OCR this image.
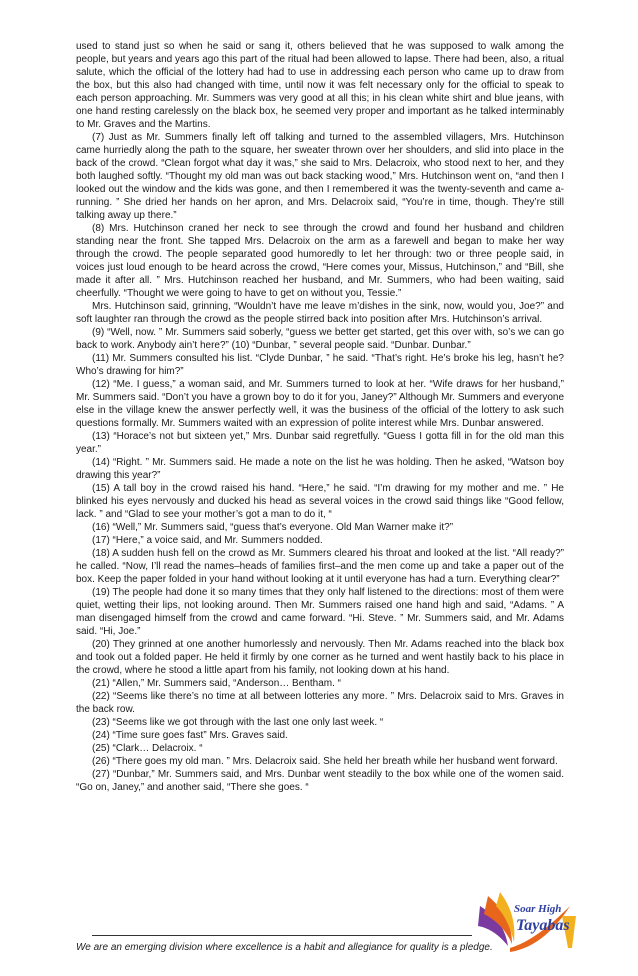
used to stand just so when he said or sang it, others believed that he was supposed to walk among the people, but years and years ago this part of the ritual had been allowed to lapse. There had been, also, a ritual salute, which the official of the lottery had had to use in addressing each person who came up to draw from the box, but this also had changed with time, until now it was felt necessary only for the official to speak to each person approaching. Mr. Summers was very good at all this; in his clean white shirt and blue jeans, with one hand resting carelessly on the black box, he seemed very proper and important as he talked interminably to Mr. Graves and the Martins.

(7) Just as Mr. Summers finally left off talking and turned to the assembled villagers, Mrs. Hutchinson came hurriedly along the path to the square, her sweater thrown over her shoulders, and slid into place in the back of the crowd. “Clean forgot what day it was,” she said to Mrs. Delacroix, who stood next to her, and they both laughed softly. “Thought my old man was out back stacking wood,” Mrs. Hutchinson went on, “and then I looked out the window and the kids was gone, and then I remembered it was the twenty-seventh and came a-running. ” She dried her hands on her apron, and Mrs. Delacroix said, “You’re in time, though. They’re still talking away up there.”

(8) Mrs. Hutchinson craned her neck to see through the crowd and found her husband and children standing near the front. She tapped Mrs. Delacroix on the arm as a farewell and began to make her way through the crowd. The people separated good humoredly to let her through: two or three people said, in voices just loud enough to be heard across the crowd, “Here comes your, Missus, Hutchinson,” and “Bill, she made it after all. ” Mrs. Hutchinson reached her husband, and Mr. Summers, who had been waiting, said cheerfully. “Thought we were going to have to get on without you, Tessie.”

Mrs. Hutchinson said, grinning, “Wouldn’t have me leave m’dishes in the sink, now, would you, Joe?” and soft laughter ran through the crowd as the people stirred back into position after Mrs. Hutchinson’s arrival.

(9) “Well, now. ” Mr. Summers said soberly, “guess we better get started, get this over with, so’s we can go back to work. Anybody ain’t here?” (10) “Dunbar, ” several people said. “Dunbar. Dunbar.”

(11) Mr. Summers consulted his list. “Clyde Dunbar, ” he said. “That’s right. He’s broke his leg, hasn’t he? Who’s drawing for him?”

(12) “Me. I guess,” a woman said, and Mr. Summers turned to look at her. “Wife draws for her husband,” Mr. Summers said. “Don’t you have a grown boy to do it for you, Janey?” Although Mr. Summers and everyone else in the village knew the answer perfectly well, it was the business of the official of the lottery to ask such questions formally. Mr. Summers waited with an expression of polite interest while Mrs. Dunbar answered.

(13) “Horace’s not but sixteen yet,” Mrs. Dunbar said regretfully. “Guess I gotta fill in for the old man this year.”

(14) “Right. ” Mr. Summers said. He made a note on the list he was holding. Then he asked, “Watson boy drawing this year?”

(15) A tall boy in the crowd raised his hand. “Here,” he said. “I’m drawing for my mother and me. ” He blinked his eyes nervously and ducked his head as several voices in the crowd said things like “Good fellow, lack. ” and “Glad to see your mother’s got a man to do it, “

(16) “Well,” Mr. Summers said, “guess that’s everyone. Old Man Warner make it?”

(17) “Here,” a voice said, and Mr. Summers nodded.

(18) A sudden hush fell on the crowd as Mr. Summers cleared his throat and looked at the list. “All ready?” he called. “Now, I’ll read the names–heads of families first–and the men come up and take a paper out of the box. Keep the paper folded in your hand without looking at it until everyone has had a turn. Everything clear?”

(19) The people had done it so many times that they only half listened to the directions: most of them were quiet, wetting their lips, not looking around. Then Mr. Summers raised one hand high and said, “Adams. ” A man disengaged himself from the crowd and came forward. “Hi. Steve. ” Mr. Summers said, and Mr. Adams said. “Hi, Joe.”

(20) They grinned at one another humorlessly and nervously. Then Mr. Adams reached into the black box and took out a folded paper. He held it firmly by one corner as he turned and went hastily back to his place in the crowd, where he stood a little apart from his family, not looking down at his hand.

(21) “Allen,” Mr. Summers said, “Anderson… Bentham. “

(22) “Seems like there’s no time at all between lotteries any more. ” Mrs. Delacroix said to Mrs. Graves in the back row.

(23) “Seems like we got through with the last one only last week. “

(24) “Time sure goes fast” Mrs. Graves said.

(25) “Clark… Delacroix. “

(26) “There goes my old man. ” Mrs. Delacroix said. She held her breath while her husband went forward.

(27) “Dunbar,” Mr. Summers said, and Mrs. Dunbar went steadily to the box while one of the women said. “Go on, Janey,” and another said, “There she goes. “

Soar High
Tayabas
We are an emerging division where excellence is a habit and allegiance for quality is a pledge.
